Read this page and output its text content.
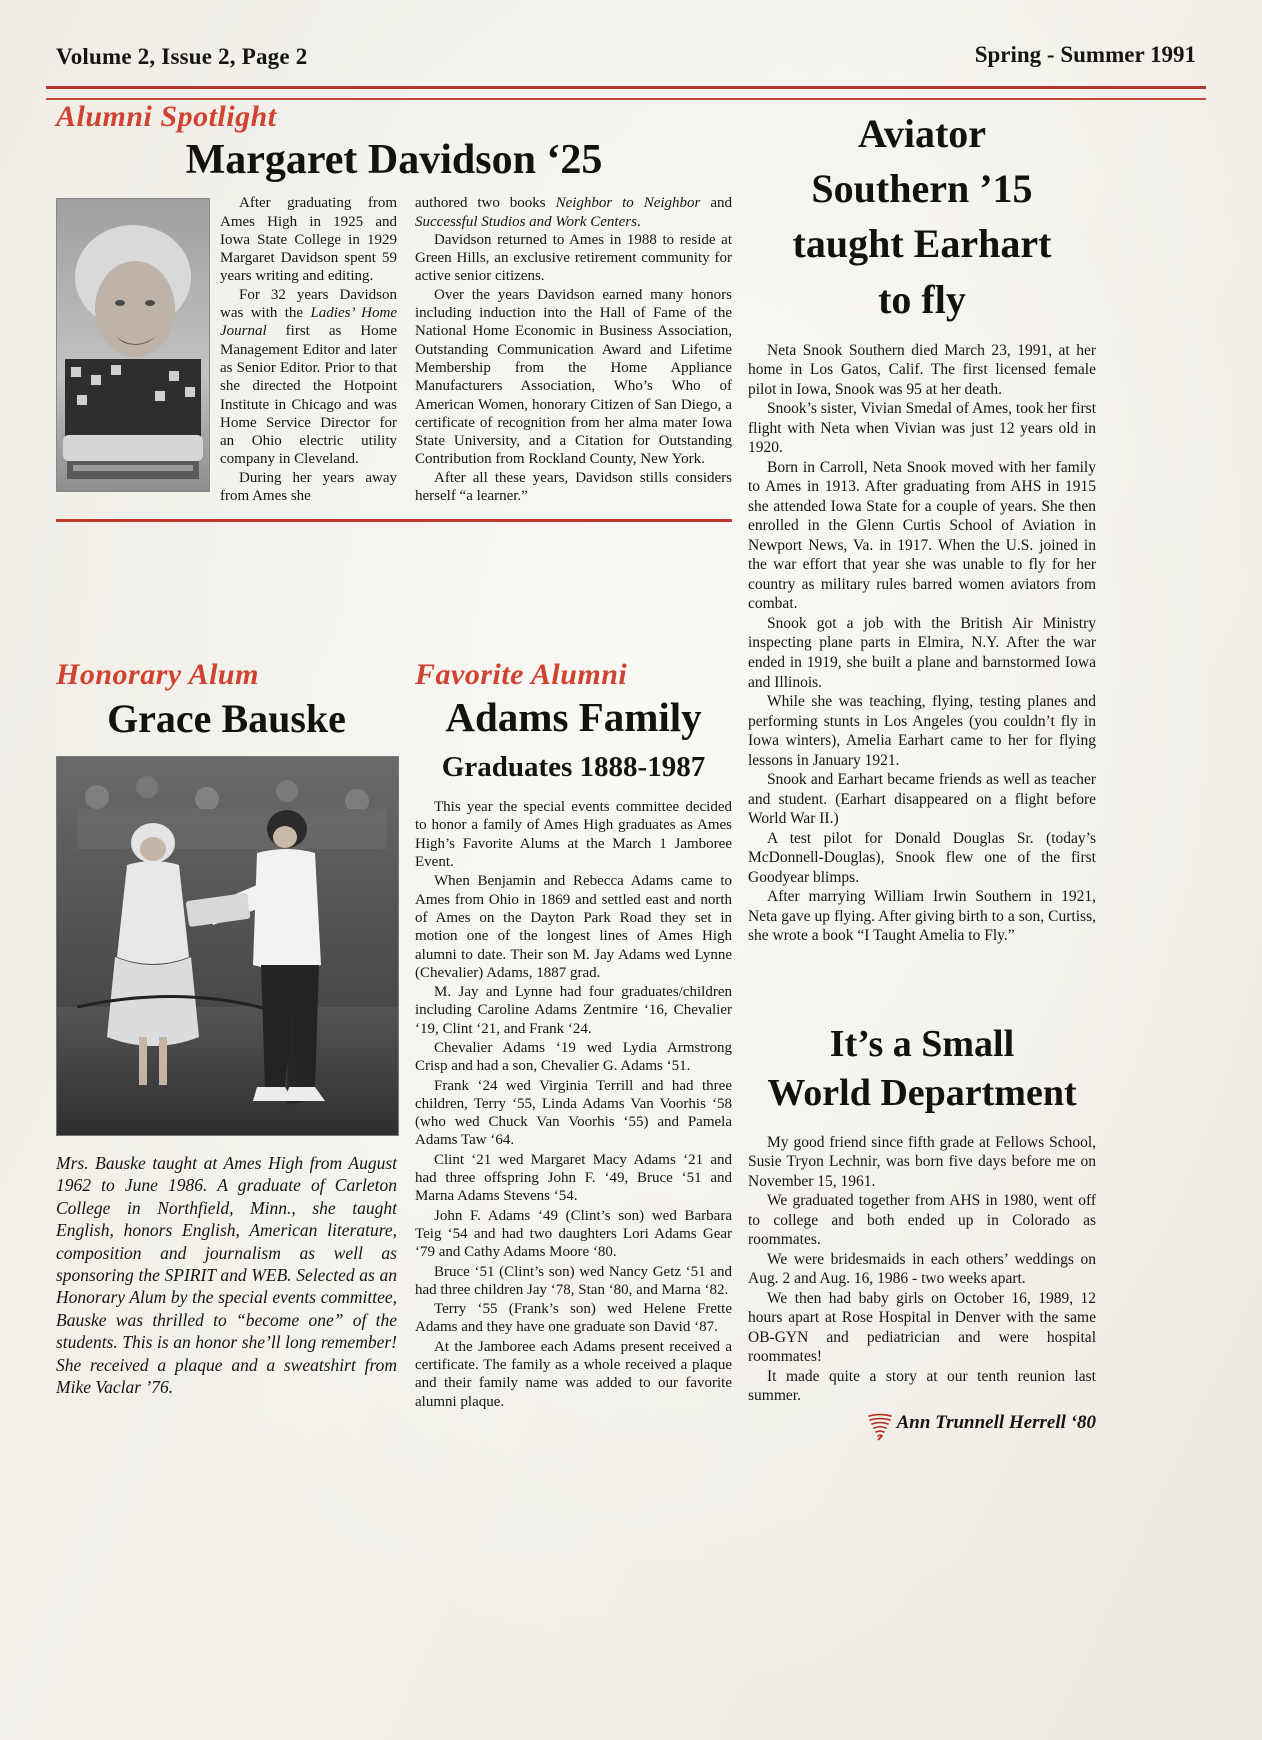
Volume 2, Issue 2, Page 2	Spring - Summer 1991
Alumni Spotlight
Margaret Davidson ‘25

After graduating from Ames High in 1925 and Iowa State College in 1929 Margaret Davidson spent 59 years writing and editing.

For 32 years Davidson was with the Ladies’ Home Journal first as Home Management Editor and later as Senior Editor. Prior to that she directed the Hotpoint Institute in Chicago and was Home Service Director for an Ohio electric utility company in Cleveland.

During her years away from Ames she

authored two books Neighbor to Neighbor and Successful Studios and Work Centers.

Davidson returned to Ames in 1988 to reside at Green Hills, an exclusive retirement community for active senior citizens.

Over the years Davidson earned many honors including induction into the Hall of Fame of the National Home Economic in Business Association, Outstanding Communication Award and Lifetime Membership from the Home Appliance Manufacturers Association, Who’s Who of American Women, honorary Citizen of San Diego, a certificate of recognition from her alma mater Iowa State University, and a Citation for Outstanding Contribution from Rockland County, New York.

After all these years, Davidson stills considers herself “a learner.”

Honorary Alum
Grace Bauske

Mrs. Bauske taught at Ames High from August 1962 to June 1986. A graduate of Carleton College in Northfield, Minn., she taught English, honors English, American literature, composition and journalism as well as sponsoring the SPIRIT and WEB. Selected as an Honorary Alum by the special events committee, Bauske was thrilled to “become one” of the students. This is an honor she’ll long remember! She received a plaque and a sweatshirt from Mike Vaclar ’76.

Favorite Alumni
Adams Family
Graduates 1888-1987

This year the special events committee decided to honor a family of Ames High graduates as Ames High’s Favorite Alums at the March 1 Jamboree Event.

When Benjamin and Rebecca Adams came to Ames from Ohio in 1869 and settled east and north of Ames on the Dayton Park Road they set in motion one of the longest lines of Ames High alumni to date. Their son M. Jay Adams wed Lynne (Chevalier) Adams, 1887 grad.

M. Jay and Lynne had four graduates/children including Caroline Adams Zentmire ‘16, Chevalier ‘19, Clint ‘21, and Frank ‘24.

Chevalier Adams ‘19 wed Lydia Armstrong Crisp and had a son, Chevalier G. Adams ‘51.

Frank ‘24 wed Virginia Terrill and had three children, Terry ‘55, Linda Adams Van Voorhis ‘58 (who wed Chuck Van Voorhis ‘55) and Pamela Adams Taw ‘64.

Clint ‘21 wed Margaret Macy Adams ‘21 and had three offspring John F. ‘49, Bruce ‘51 and Marna Adams Stevens ‘54.

John F. Adams ‘49 (Clint’s son) wed Barbara Teig ‘54 and had two daughters Lori Adams Gear ‘79 and Cathy Adams Moore ‘80.

Bruce ‘51 (Clint’s son) wed Nancy Getz ‘51 and had three children Jay ‘78, Stan ‘80, and Marna ‘82.

Terry ‘55 (Frank’s son) wed Helene Frette Adams and they have one graduate son David ‘87.

At the Jamboree each Adams present received a certificate. The family as a whole received a plaque and their family name was added to our favorite alumni plaque.

Aviator
Southern ’15
taught Earhart
to fly

Neta Snook Southern died March 23, 1991, at her home in Los Gatos, Calif. The first licensed female pilot in Iowa, Snook was 95 at her death.

Snook’s sister, Vivian Smedal of Ames, took her first flight with Neta when Vivian was just 12 years old in 1920.

Born in Carroll, Neta Snook moved with her family to Ames in 1913. After graduating from AHS in 1915 she attended Iowa State for a couple of years. She then enrolled in the Glenn Curtis School of Aviation in Newport News, Va. in 1917. When the U.S. joined in the war effort that year she was unable to fly for her country as military rules barred women aviators from combat.

Snook got a job with the British Air Ministry inspecting plane parts in Elmira, N.Y. After the war ended in 1919, she built a plane and barnstormed Iowa and Illinois.

While she was teaching, flying, testing planes and performing stunts in Los Angeles (you couldn’t fly in Iowa winters), Amelia Earhart came to her for flying lessons in January 1921.

Snook and Earhart became friends as well as teacher and student. (Earhart disappeared on a flight before World War II.)

A test pilot for Donald Douglas Sr. (today’s McDonnell-Douglas), Snook flew one of the first Goodyear blimps.

After marrying William Irwin Southern in 1921, Neta gave up flying. After giving birth to a son, Curtiss, she wrote a book “I Taught Amelia to Fly.”

It’s a Small
World Department

My good friend since fifth grade at Fellows School, Susie Tryon Lechnir, was born five days before me on November 15, 1961.

We graduated together from AHS in 1980, went off to college and both ended up in Colorado as roommates.

We were bridesmaids in each others’ weddings on Aug. 2 and Aug. 16, 1986 - two weeks apart.

We then had baby girls on October 16, 1989, 12 hours apart at Rose Hospital in Denver with the same OB-GYN and pediatrician and were hospital roommates!

It made quite a story at our tenth reunion last summer.

Ann Trunnell Herrell ‘80
